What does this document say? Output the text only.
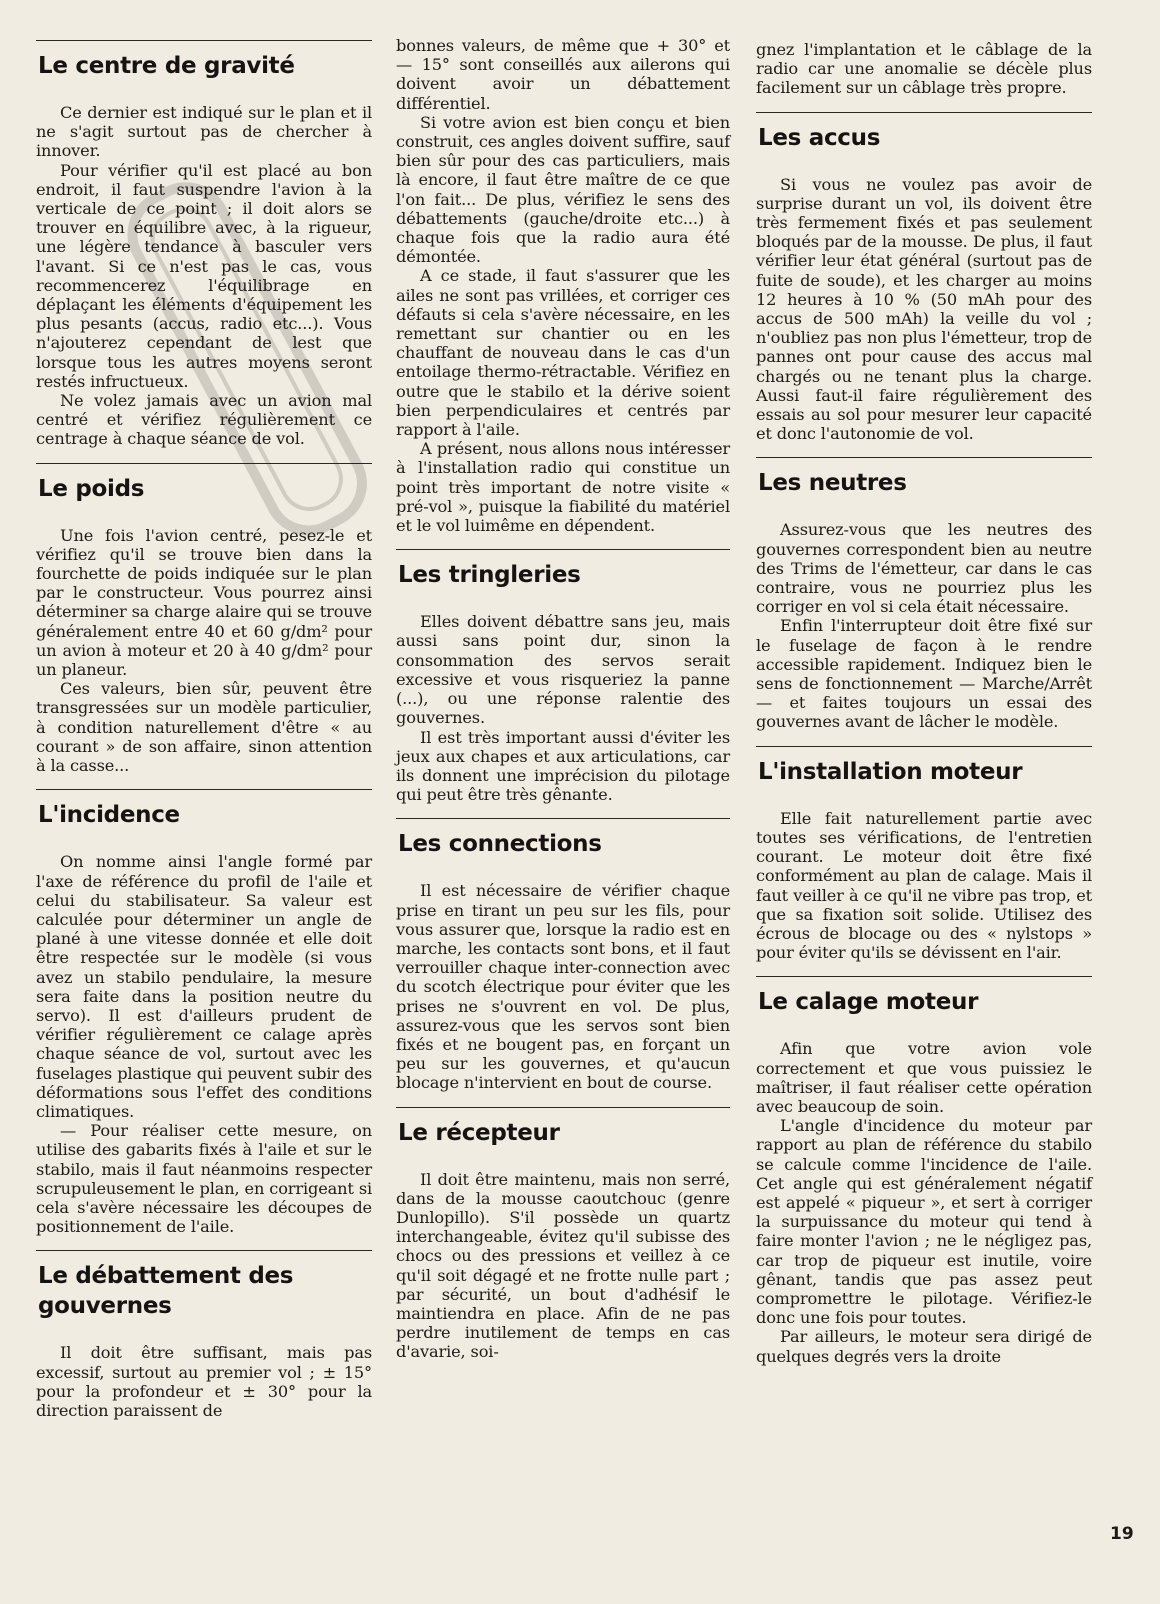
Le centre de gravité

Ce dernier est indiqué sur le plan et il ne s'agit surtout pas de chercher à innover.

Pour vérifier qu'il est placé au bon endroit, il faut suspendre l'avion à la verticale de ce point ; il doit alors se trouver en équilibre avec, à la rigueur, une légère tendance à basculer vers l'avant. Si ce n'est pas le cas, vous recommencerez l'équilibrage en déplaçant les éléments d'équipement les plus pesants (accus, radio etc...). Vous n'ajouterez cependant de lest que lorsque tous les autres moyens seront restés infructueux.

Ne volez jamais avec un avion mal centré et vérifiez régulièrement ce centrage à chaque séance de vol.

Le poids

Une fois l'avion centré, pesez-le et vérifiez qu'il se trouve bien dans la fourchette de poids indiquée sur le plan par le constructeur. Vous pourrez ainsi déterminer sa charge alaire qui se trouve généralement entre 40 et 60 g/dm² pour un avion à moteur et 20 à 40 g/dm² pour un planeur.

Ces valeurs, bien sûr, peuvent être transgressées sur un modèle particulier, à condition naturellement d'être « au courant » de son affaire, sinon attention à la casse...

L'incidence

On nomme ainsi l'angle formé par l'axe de référence du profil de l'aile et celui du stabilisateur. Sa valeur est calculée pour déterminer un angle de plané à une vitesse donnée et elle doit être respectée sur le modèle (si vous avez un stabilo pendulaire, la mesure sera faite dans la position neutre du servo). Il est d'ailleurs prudent de vérifier régulièrement ce calage après chaque séance de vol, surtout avec les fuselages plastique qui peuvent subir des déformations sous l'effet des conditions climatiques.

— Pour réaliser cette mesure, on utilise des gabarits fixés à l'aile et sur le stabilo, mais il faut néanmoins respecter scrupuleusement le plan, en corrigeant si cela s'avère nécessaire les découpes de positionnement de l'aile.

Le débattement des gouvernes

Il doit être suffisant, mais pas excessif, surtout au premier vol ; ± 15° pour la profondeur et ± 30° pour la direction paraissent de

bonnes valeurs, de même que + 30° et — 15° sont conseillés aux ailerons qui doivent avoir un débattement différentiel.

Si votre avion est bien conçu et bien construit, ces angles doivent suffire, sauf bien sûr pour des cas particuliers, mais là encore, il faut être maître de ce que l'on fait... De plus, vérifiez le sens des débattements (gauche/droite etc...) à chaque fois que la radio aura été démontée.

A ce stade, il faut s'assurer que les ailes ne sont pas vrillées, et corriger ces défauts si cela s'avère nécessaire, en les remettant sur chantier ou en les chauffant de nouveau dans le cas d'un entoilage thermo-rétractable. Vérifiez en outre que le stabilo et la dérive soient bien perpendiculaires et centrés par rapport à l'aile.

A présent, nous allons nous intéresser à l'installation radio qui constitue un point très important de notre visite « pré-vol », puisque la fiabilité du matériel et le vol luimême en dépendent.

Les tringleries

Elles doivent débattre sans jeu, mais aussi sans point dur, sinon la consommation des servos serait excessive et vous risqueriez la panne (...), ou une réponse ralentie des gouvernes.

Il est très important aussi d'éviter les jeux aux chapes et aux articulations, car ils donnent une imprécision du pilotage qui peut être très gênante.

Les connections

Il est nécessaire de vérifier chaque prise en tirant un peu sur les fils, pour vous assurer que, lorsque la radio est en marche, les contacts sont bons, et il faut verrouiller chaque inter-connection avec du scotch électrique pour éviter que les prises ne s'ouvrent en vol. De plus, assurez-vous que les servos sont bien fixés et ne bougent pas, en forçant un peu sur les gouvernes, et qu'aucun blocage n'intervient en bout de course.

Le récepteur

Il doit être maintenu, mais non serré, dans de la mousse caoutchouc (genre Dunlopillo). S'il possède un quartz interchangeable, évitez qu'il subisse des chocs ou des pressions et veillez à ce qu'il soit dégagé et ne frotte nulle part ; par sécurité, un bout d'adhésif le maintiendra en place. Afin de ne pas perdre inutilement de temps en cas d'avarie, soi-

gnez l'implantation et le câblage de la radio car une anomalie se décèle plus facilement sur un câblage très propre.

Les accus

Si vous ne voulez pas avoir de surprise durant un vol, ils doivent être très fermement fixés et pas seulement bloqués par de la mousse. De plus, il faut vérifier leur état général (surtout pas de fuite de soude), et les charger au moins 12 heures à 10 % (50 mAh pour des accus de 500 mAh) la veille du vol ; n'oubliez pas non plus l'émetteur, trop de pannes ont pour cause des accus mal chargés ou ne tenant plus la charge. Aussi faut-il faire régulièrement des essais au sol pour mesurer leur capacité et donc l'autonomie de vol.

Les neutres

Assurez-vous que les neutres des gouvernes correspondent bien au neutre des Trims de l'émetteur, car dans le cas contraire, vous ne pourriez plus les corriger en vol si cela était nécessaire.

Enfin l'interrupteur doit être fixé sur le fuselage de façon à le rendre accessible rapidement. Indiquez bien le sens de fonctionnement — Marche/Arrêt — et faites toujours un essai des gouvernes avant de lâcher le modèle.

L'installation moteur

Elle fait naturellement partie avec toutes ses vérifications, de l'entretien courant. Le moteur doit être fixé conformément au plan de calage. Mais il faut veiller à ce qu'il ne vibre pas trop, et que sa fixation soit solide. Utilisez des écrous de blocage ou des « nylstops » pour éviter qu'ils se dévissent en l'air.

Le calage moteur

Afin que votre avion vole correctement et que vous puissiez le maîtriser, il faut réaliser cette opération avec beaucoup de soin.

L'angle d'incidence du moteur par rapport au plan de référence du stabilo se calcule comme l'incidence de l'aile. Cet angle qui est généralement négatif est appelé « piqueur », et sert à corriger la surpuissance du moteur qui tend à faire monter l'avion ; ne le négligez pas, car trop de piqueur est inutile, voire gênant, tandis que pas assez peut compromettre le pilotage. Vérifiez-le donc une fois pour toutes.

Par ailleurs, le moteur sera dirigé de quelques degrés vers la droite

19
